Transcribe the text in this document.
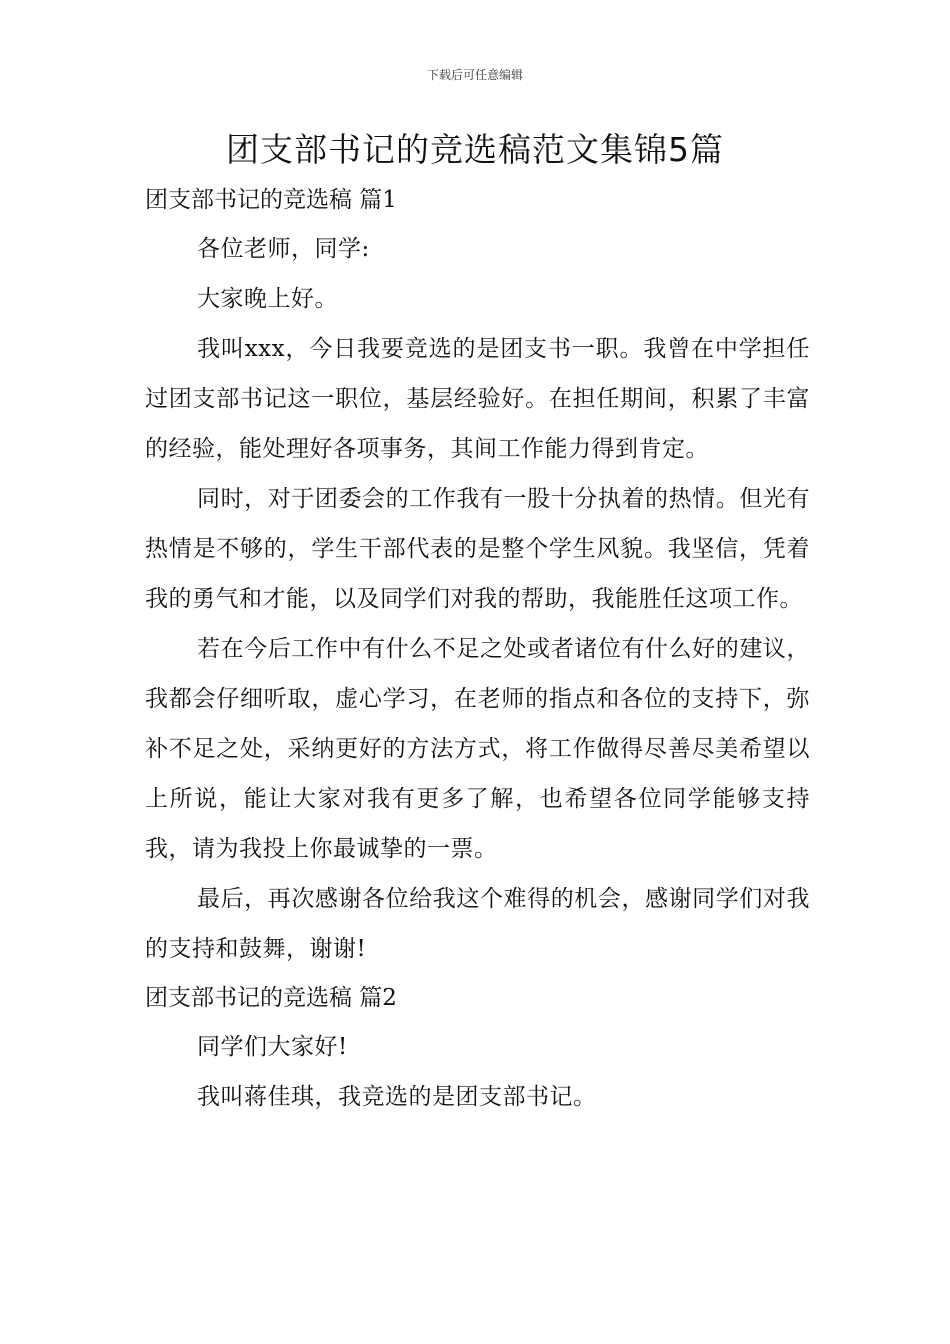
下载后可任意编辑
团支部书记的竞选稿范文集锦5篇
团支部书记的竞选稿 篇1

各位老师，同学:

大家晚上好。

我叫xxx，今日我要竞选的是团支书一职。我曾在中学担任过团支部书记这一职位，基层经验好。在担任期间，积累了丰富的经验，能处理好各项事务，其间工作能力得到肯定。

同时，对于团委会的工作我有一股十分执着的热情。但光有热情是不够的，学生干部代表的是整个学生风貌。我坚信，凭着我的勇气和才能，以及同学们对我的帮助，我能胜任这项工作。

若在今后工作中有什么不足之处或者诸位有什么好的建议，我都会仔细听取，虚心学习，在老师的指点和各位的支持下，弥补不足之处，采纳更好的方法方式，将工作做得尽善尽美希望以上所说，能让大家对我有更多了解，也希望各位同学能够支持我，请为我投上你最诚挚的一票。

最后，再次感谢各位给我这个难得的机会，感谢同学们对我的支持和鼓舞，谢谢!

团支部书记的竞选稿 篇2

同学们大家好!

我叫蒋佳琪，我竞选的是团支部书记。
